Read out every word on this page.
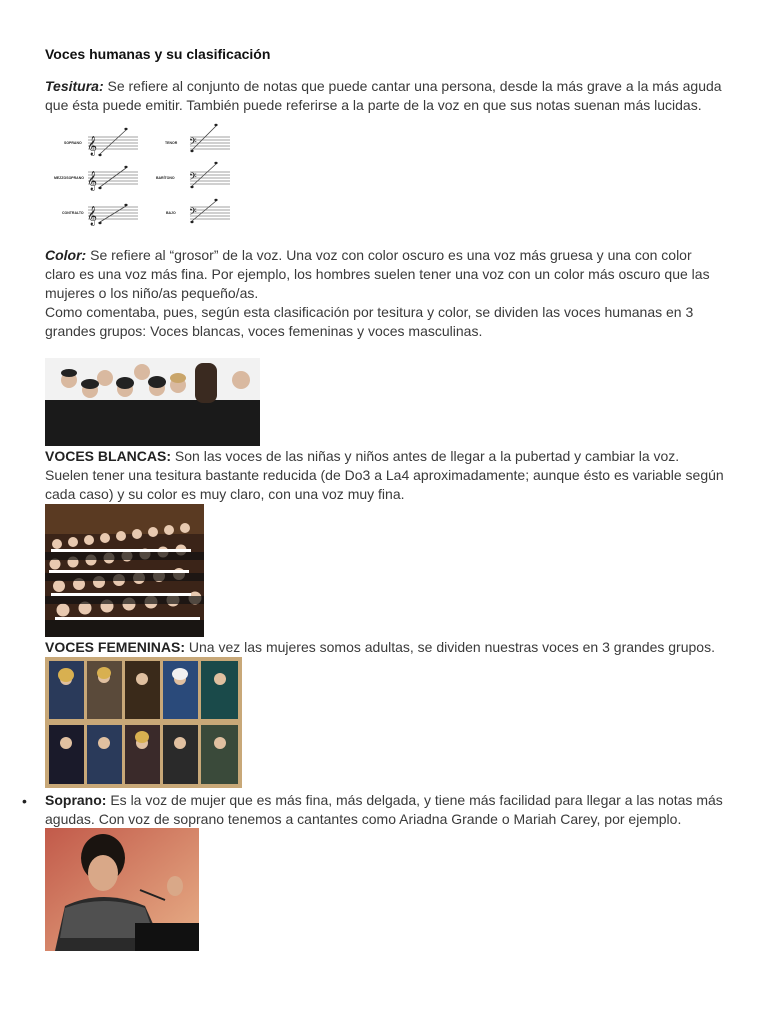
Voces humanas y su clasificación

Tesitura: Se refiere al conjunto de notas que puede cantar una persona, desde la más grave a la más aguda que ésta puede emitir. También puede referirse a la parte de la voz en que sus notas suenan más lucidas.

SOPRANO
MEZZOSOPRANO
CONTRALTO
TENOR
BARÍTONO
BAJO
𝄞
𝄞
𝄞
𝄢
𝄢
𝄢

Color: Se refiere al “grosor” de la voz. Una voz con color oscuro es una voz más gruesa y una con color claro es una voz más fina. Por ejemplo, los hombres suelen tener una voz con un color más oscuro que las mujeres o los niño/as pequeño/as.
Como comentaba, pues, según esta clasificación por tesitura y color, se dividen las voces humanas en 3 grandes grupos: Voces blancas, voces femeninas y voces masculinas.

VOCES BLANCAS: Son las voces de las niñas y niños antes de llegar a la pubertad y cambiar la voz. Suelen tener una tesitura bastante reducida (de Do3 a La4 aproximadamente; aunque ésto es variable según cada caso) y su color es muy claro, con una voz muy fina.

VOCES FEMENINAS: Una vez las mujeres somos adultas, se dividen nuestras voces en 3 grandes grupos.

• Soprano: Es la voz de mujer que es más fina, más delgada, y tiene más facilidad para llegar a las notas más agudas. Con voz de soprano tenemos a cantantes como Ariadna Grande o Mariah Carey, por ejemplo.
